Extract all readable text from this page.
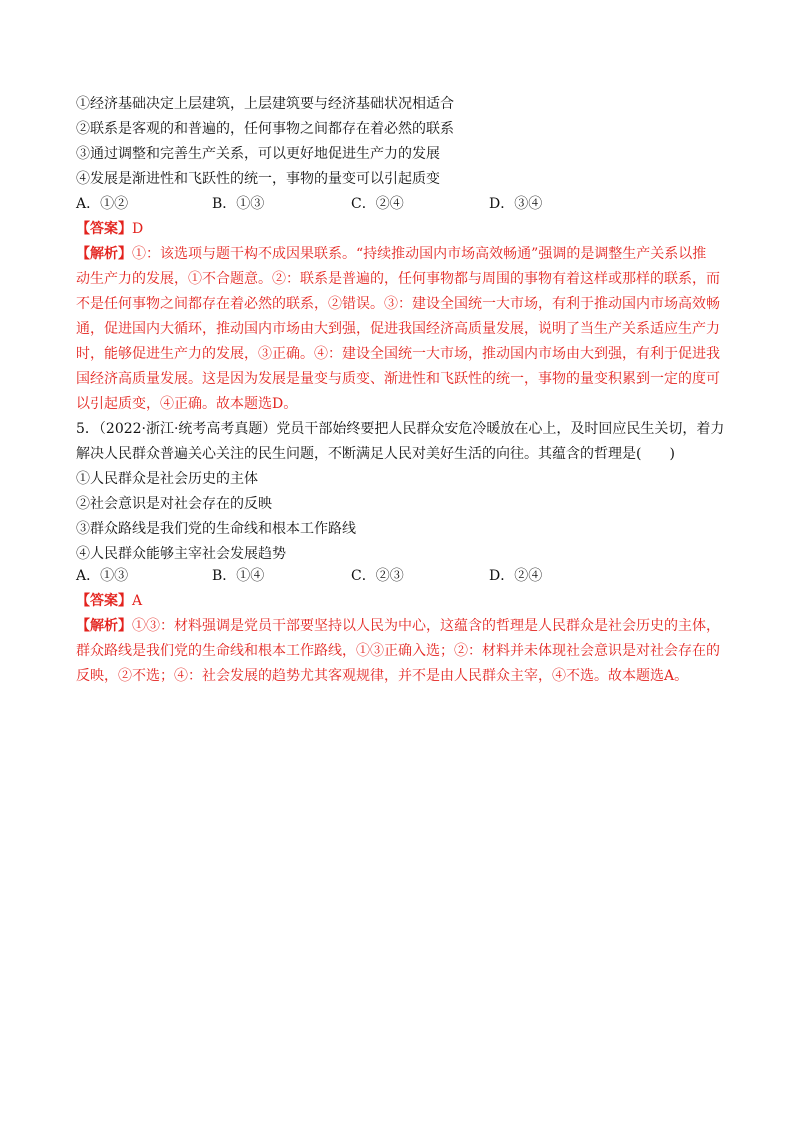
①经济基础决定上层建筑，上层建筑要与经济基础状况相适合
②联系是客观的和普遍的，任何事物之间都存在着必然的联系
③通过调整和完善生产关系，可以更好地促进生产力的发展
④发展是渐进性和飞跃性的统一，事物的量变可以引起质变
A．①②	B．①③	C．②④	D．③④
【答案】D
【解析】①：该选项与题干构不成因果联系。“持续推动国内市场高效畅通”强调的是调整生产关系以推
动生产力的发展，①不合题意。②：联系是普遍的，任何事物都与周围的事物有着这样或那样的联系，而
不是任何事物之间都存在着必然的联系，②错误。③：建设全国统一大市场，有利于推动国内市场高效畅
通，促进国内大循环，推动国内市场由大到强，促进我国经济高质量发展，说明了当生产关系适应生产力
时，能够促进生产力的发展，③正确。④：建设全国统一大市场，推动国内市场由大到强，有利于促进我
国经济高质量发展。这是因为发展是量变与质变、渐进性和飞跃性的统一，事物的量变积累到一定的度可
以引起质变，④正确。故本题选D。
5．（2022·浙江·统考高考真题）党员干部始终要把人民群众安危冷暖放在心上，及时回应民生关切，着力
解决人民群众普遍关心关注的民生问题，不断满足人民对美好生活的向往。其蕴含的哲理是(　　)
①人民群众是社会历史的主体
②社会意识是对社会存在的反映
③群众路线是我们党的生命线和根本工作路线
④人民群众能够主宰社会发展趋势
A．①③	B．①④	C．②③	D．②④
【答案】A
【解析】①③：材料强调是党员干部要坚持以人民为中心，这蕴含的哲理是人民群众是社会历史的主体，
群众路线是我们党的生命线和根本工作路线，①③正确入选；②：材料并未体现社会意识是对社会存在的
反映，②不选；④：社会发展的趋势尤其客观规律，并不是由人民群众主宰，④不选。故本题选A。
